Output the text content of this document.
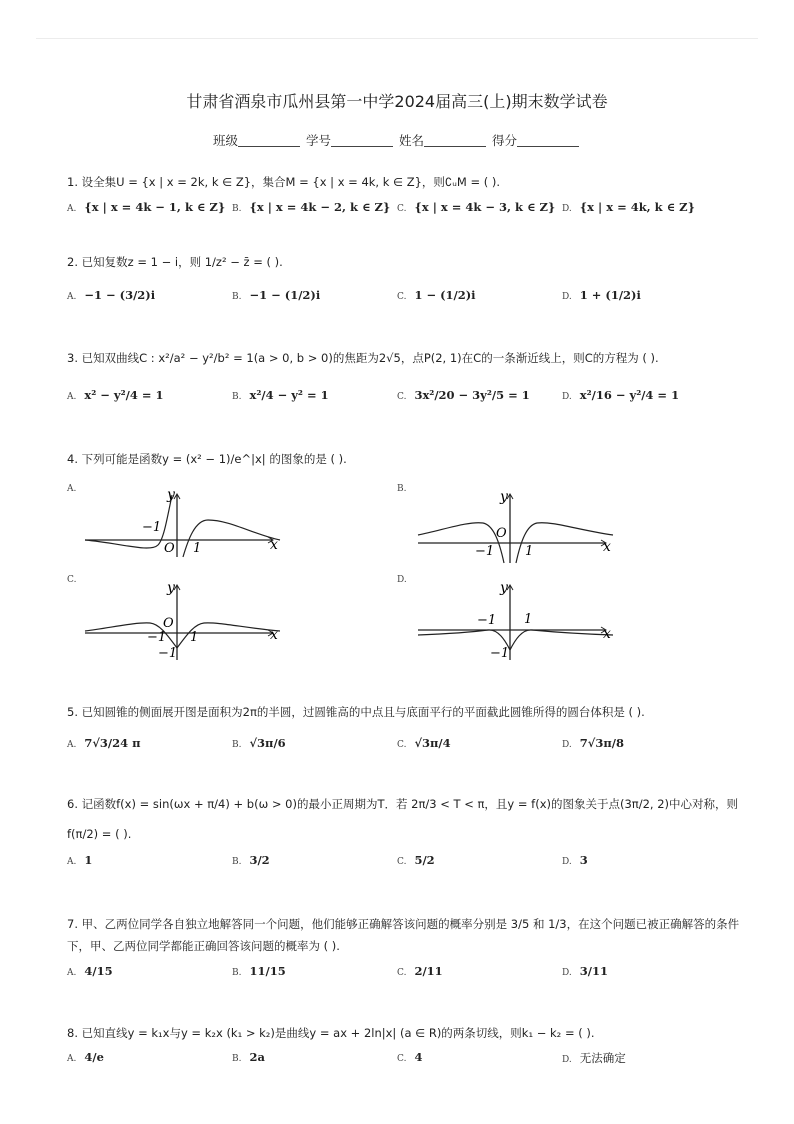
甘肃省酒泉市瓜州县第一中学2024届高三(上)期末数学试卷
班级	学号	姓名	得分
1. 设全集U = {x | x = 2k, k ∈ Z}，集合M = {x | x = 4k, k ∈ Z}，则∁ᵤM = ( ).
A. {x | x = 4k − 1, k ∈ Z} B. {x | x = 4k − 2, k ∈ Z} C. {x | x = 4k − 3, k ∈ Z} D. {x | x = 4k, k ∈ Z}
2. 已知复数z = 1 − i，则 1/z² − z̄ = ( ).
A. −1 − (3/2)i	B. −1 − (1/2)i	C. 1 − (1/2)i	D. 1 + (1/2)i
3. 已知双曲线C : x²/a² − y²/b² = 1(a > 0, b > 0)的焦距为2√5，点P(2, 1)在C的一条渐近线上，则C的方程为 ( ).
A. x² − y²/4 = 1	B. x²/4 − y² = 1	C. 3x²/20 − 3y²/5 = 1	D. x²/16 − y²/4 = 1
4. 下列可能是函数y = (x² − 1)/e^|x| 的图象的是 ( ).
A.	B.
C.	D.
x
y
O
−1
1	x
y
O
−1 1
x
y
O
−1 1
−1
x
y
−1 1
−1
5. 已知圆锥的侧面展开图是面积为2π的半圆，过圆锥高的中点且与底面平行的平面截此圆锥所得的圆台体积是 ( ).
A. 7√3/24 π	B. √3π/6	C. √3π/4	D. 7√3π/8
6. 记函数f(x) = sin(ωx + π/4) + b(ω > 0)的最小正周期为T．若 2π/3 < T < π，且y = f(x)的图象关于点(3π/2, 2)中心对称，则
f(π/2) = ( ).
A. 1	B. 3/2	C. 5/2	D. 3
7. 甲、乙两位同学各自独立地解答同一个问题，他们能够正确解答该问题的概率分别是 3/5 和 1/3，在这个问题已被正确解答的条件
下，甲、乙两位同学都能正确回答该问题的概率为 ( ).
A. 4/15	B. 11/15	C. 2/11	D. 3/11
8. 已知直线y = k₁x与y = k₂x (k₁ > k₂)是曲线y = ax + 2ln|x| (a ∈ R)的两条切线，则k₁ − k₂ = ( ).
A. 4/e	B. 2a	C. 4	D. 无法确定
